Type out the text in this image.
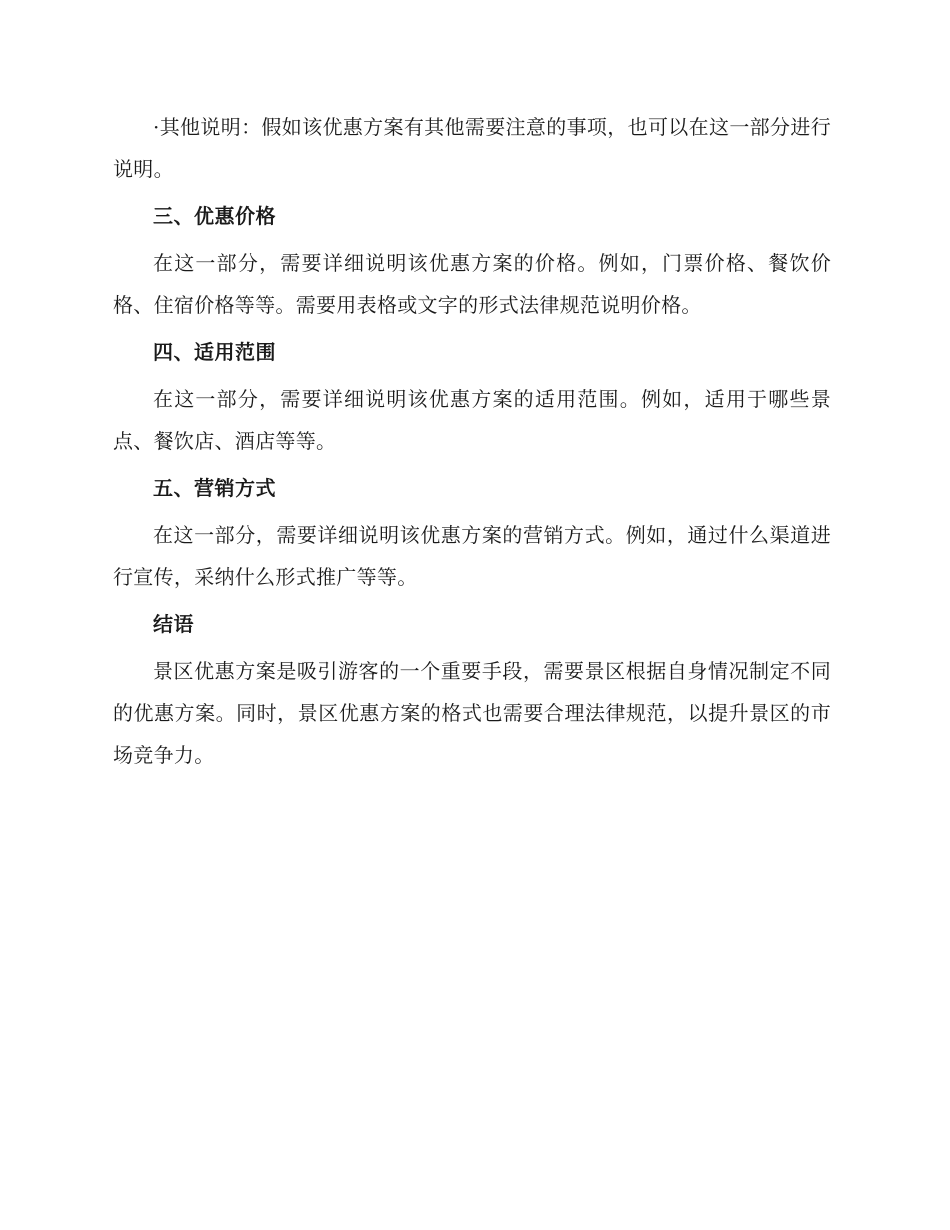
·其他说明：假如该优惠方案有其他需要注意的事项，也可以在这一部分进行说明。

三、优惠价格

在这一部分，需要详细说明该优惠方案的价格。例如，门票价格、餐饮价格、住宿价格等等。需要用表格或文字的形式法律规范说明价格。

四、适用范围

在这一部分，需要详细说明该优惠方案的适用范围。例如，适用于哪些景点、餐饮店、酒店等等。

五、营销方式

在这一部分，需要详细说明该优惠方案的营销方式。例如，通过什么渠道进行宣传，采纳什么形式推广等等。

结语

景区优惠方案是吸引游客的一个重要手段，需要景区根据自身情况制定不同的优惠方案。同时，景区优惠方案的格式也需要合理法律规范，以提升景区的市场竞争力。
